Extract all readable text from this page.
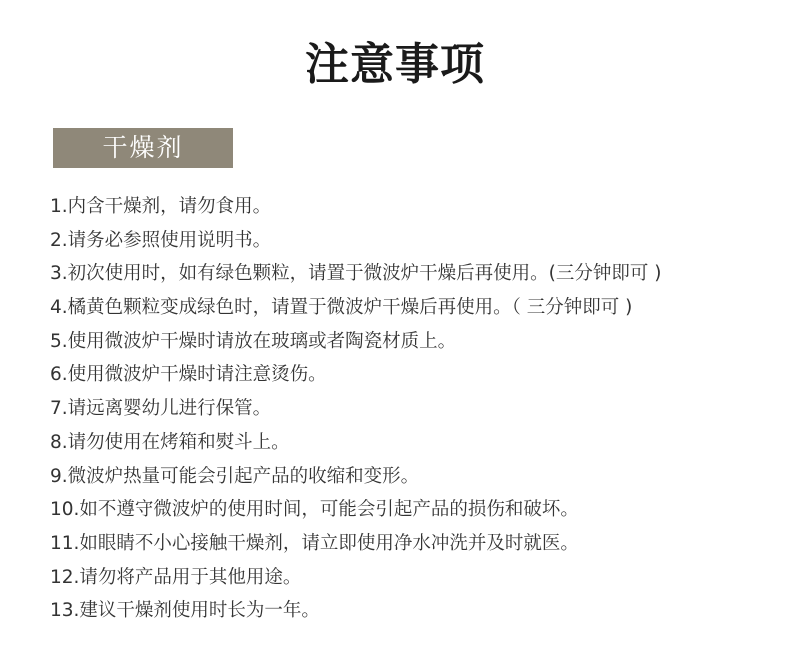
注意事项
干燥剂
1.内含干燥剂，请勿食用。
2.请务必参照使用说明书。
3.初次使用时，如有绿色颗粒，请置于微波炉干燥后再使用。(三分钟即可 )
4.橘黄色颗粒变成绿色时，请置于微波炉干燥后再使用。（ 三分钟即可 )
5.使用微波炉干燥时请放在玻璃或者陶瓷材质上。
6.使用微波炉干燥时请注意烫伤。
7.请远离婴幼儿进行保管。
8.请勿使用在烤箱和熨斗上。
9.微波炉热量可能会引起产品的收缩和变形。
10.如不遵守微波炉的使用时间，可能会引起产品的损伤和破坏。
11.如眼睛不小心接触干燥剂，请立即使用净水冲洗并及时就医。
12.请勿将产品用于其他用途。
13.建议干燥剂使用时长为一年。
